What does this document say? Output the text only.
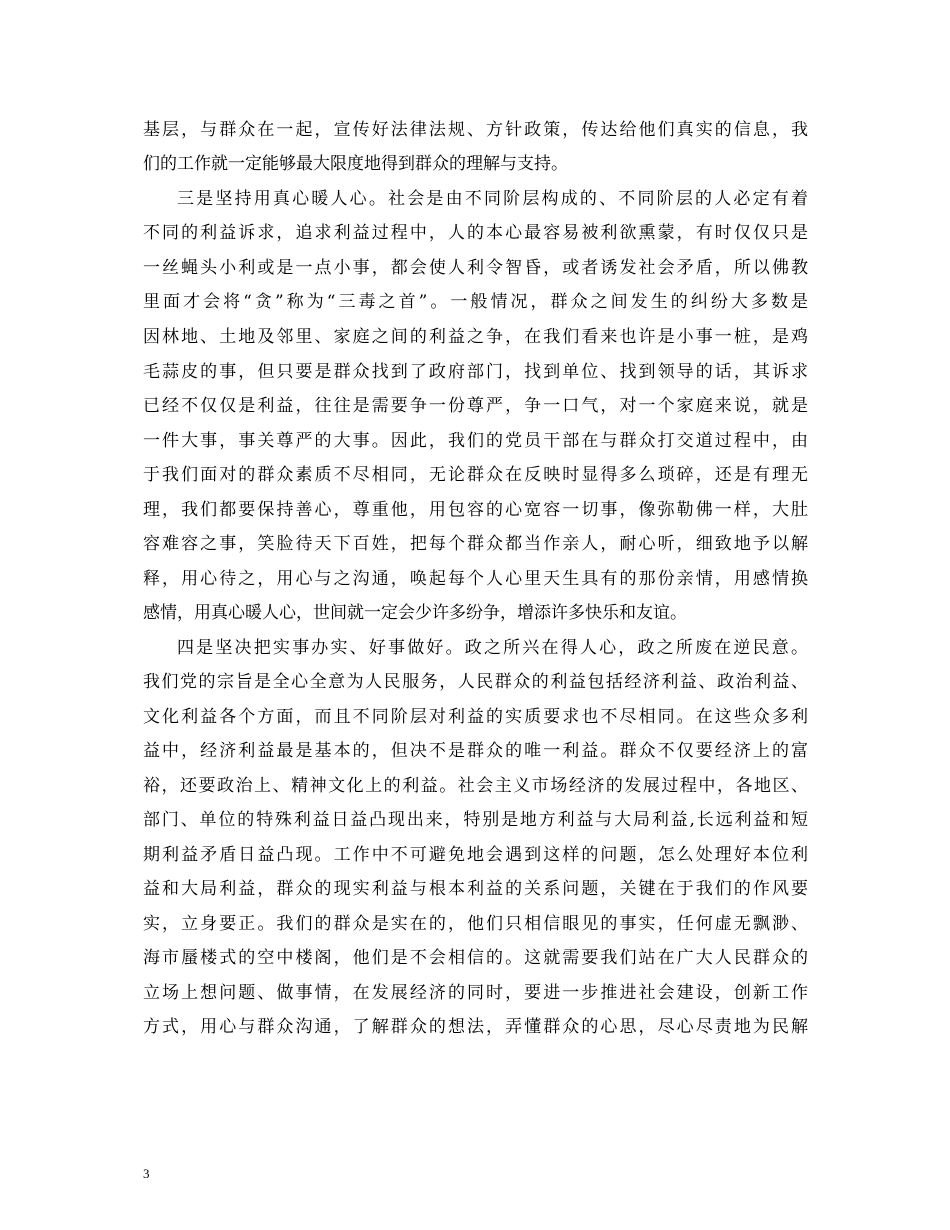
基层，与群众在一起，宣传好法律法规、方针政策，传达给他们真实的信息，我
们的工作就一定能够最大限度地得到群众的理解与支持。
三是坚持用真心暖人心。社会是由不同阶层构成的、不同阶层的人必定有着
不同的利益诉求，追求利益过程中，人的本心最容易被利欲熏蒙，有时仅仅只是
一丝蝇头小利或是一点小事，都会使人利令智昏，或者诱发社会矛盾，所以佛教
里面才会将“贪”称为“三毒之首”。一般情况，群众之间发生的纠纷大多数是
因林地、土地及邻里、家庭之间的利益之争，在我们看来也许是小事一桩，是鸡
毛蒜皮的事，但只要是群众找到了政府部门，找到单位、找到领导的话，其诉求
已经不仅仅是利益，往往是需要争一份尊严，争一口气，对一个家庭来说，就是
一件大事，事关尊严的大事。因此，我们的党员干部在与群众打交道过程中，由
于我们面对的群众素质不尽相同，无论群众在反映时显得多么琐碎，还是有理无
理，我们都要保持善心，尊重他，用包容的心宽容一切事，像弥勒佛一样，大肚
容难容之事，笑脸待天下百姓，把每个群众都当作亲人，耐心听，细致地予以解
释，用心待之，用心与之沟通，唤起每个人心里天生具有的那份亲情，用感情换
感情，用真心暖人心，世间就一定会少许多纷争，增添许多快乐和友谊。
四是坚决把实事办实、好事做好。政之所兴在得人心，政之所废在逆民意。
我们党的宗旨是全心全意为人民服务，人民群众的利益包括经济利益、政治利益、
文化利益各个方面，而且不同阶层对利益的实质要求也不尽相同。在这些众多利
益中，经济利益最是基本的，但决不是群众的唯一利益。群众不仅要经济上的富
裕，还要政治上、精神文化上的利益。社会主义市场经济的发展过程中，各地区、
部门、单位的特殊利益日益凸现出来，特别是地方利益与大局利益,长远利益和短
期利益矛盾日益凸现。工作中不可避免地会遇到这样的问题，怎么处理好本位利
益和大局利益，群众的现实利益与根本利益的关系问题，关键在于我们的作风要
实，立身要正。我们的群众是实在的，他们只相信眼见的事实，任何虚无飘渺、
海市蜃楼式的空中楼阁，他们是不会相信的。这就需要我们站在广大人民群众的
立场上想问题、做事情，在发展经济的同时，要进一步推进社会建设，创新工作
方式，用心与群众沟通，了解群众的想法，弄懂群众的心思，尽心尽责地为民解
3
